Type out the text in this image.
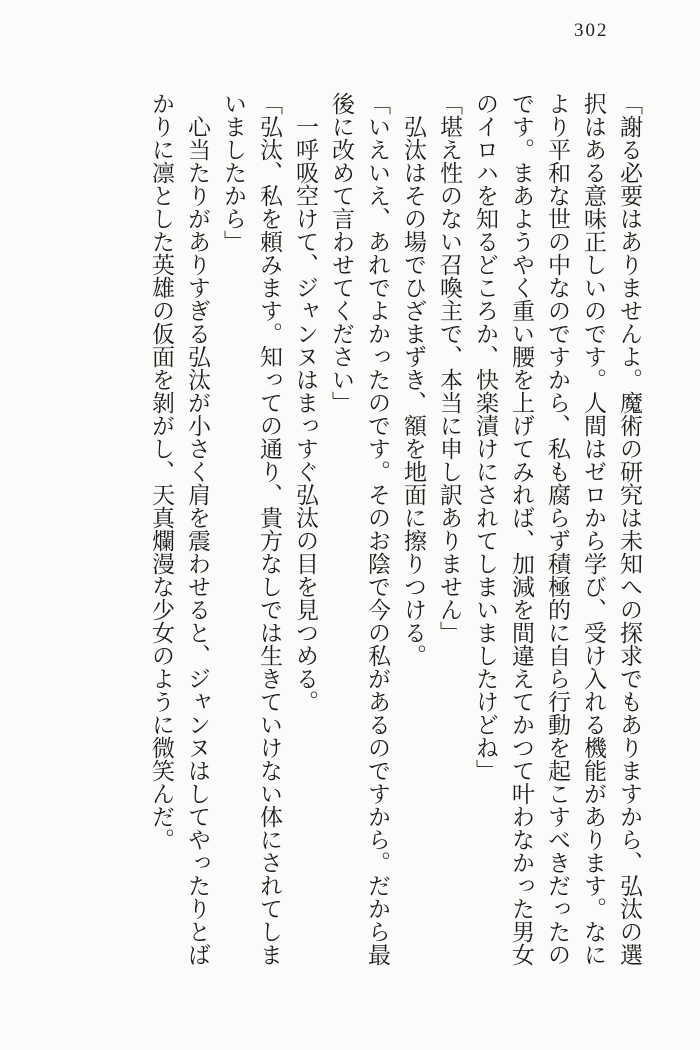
302

「謝る必要はありませんよ。魔術の研究は未知への探求でもありますから、弘汰の選択はある意味正しいのです。人間はゼロから学び、受け入れる機能があります。なにより平和な世の中なのですから、私も腐らず積極的に自ら行動を起こすべきだったのです。まあようやく重い腰を上げてみれば、加減を間違えてかつて叶わなかった男女のイロハを知るどころか、快楽漬けにされてしまいましたけどね」

「堪え性のない召喚主で、本当に申し訳ありません」

　弘汰はその場でひざまずき、額を地面に擦りつける。

「いえいえ、あれでよかったのです。そのお陰で今の私があるのですから。だから最後に改めて言わせてください」

　一呼吸空けて、ジャンヌはまっすぐ弘汰の目を見つめる。

「弘汰、私を頼みます。知っての通り、貴方なしでは生きていけない体にされてしまいましたから」

　心当たりがありすぎる弘汰が小さく肩を震わせると、ジャンヌはしてやったりとばかりに凛とした英雄の仮面を剝がし、天真爛漫な少女のように微笑んだ。
